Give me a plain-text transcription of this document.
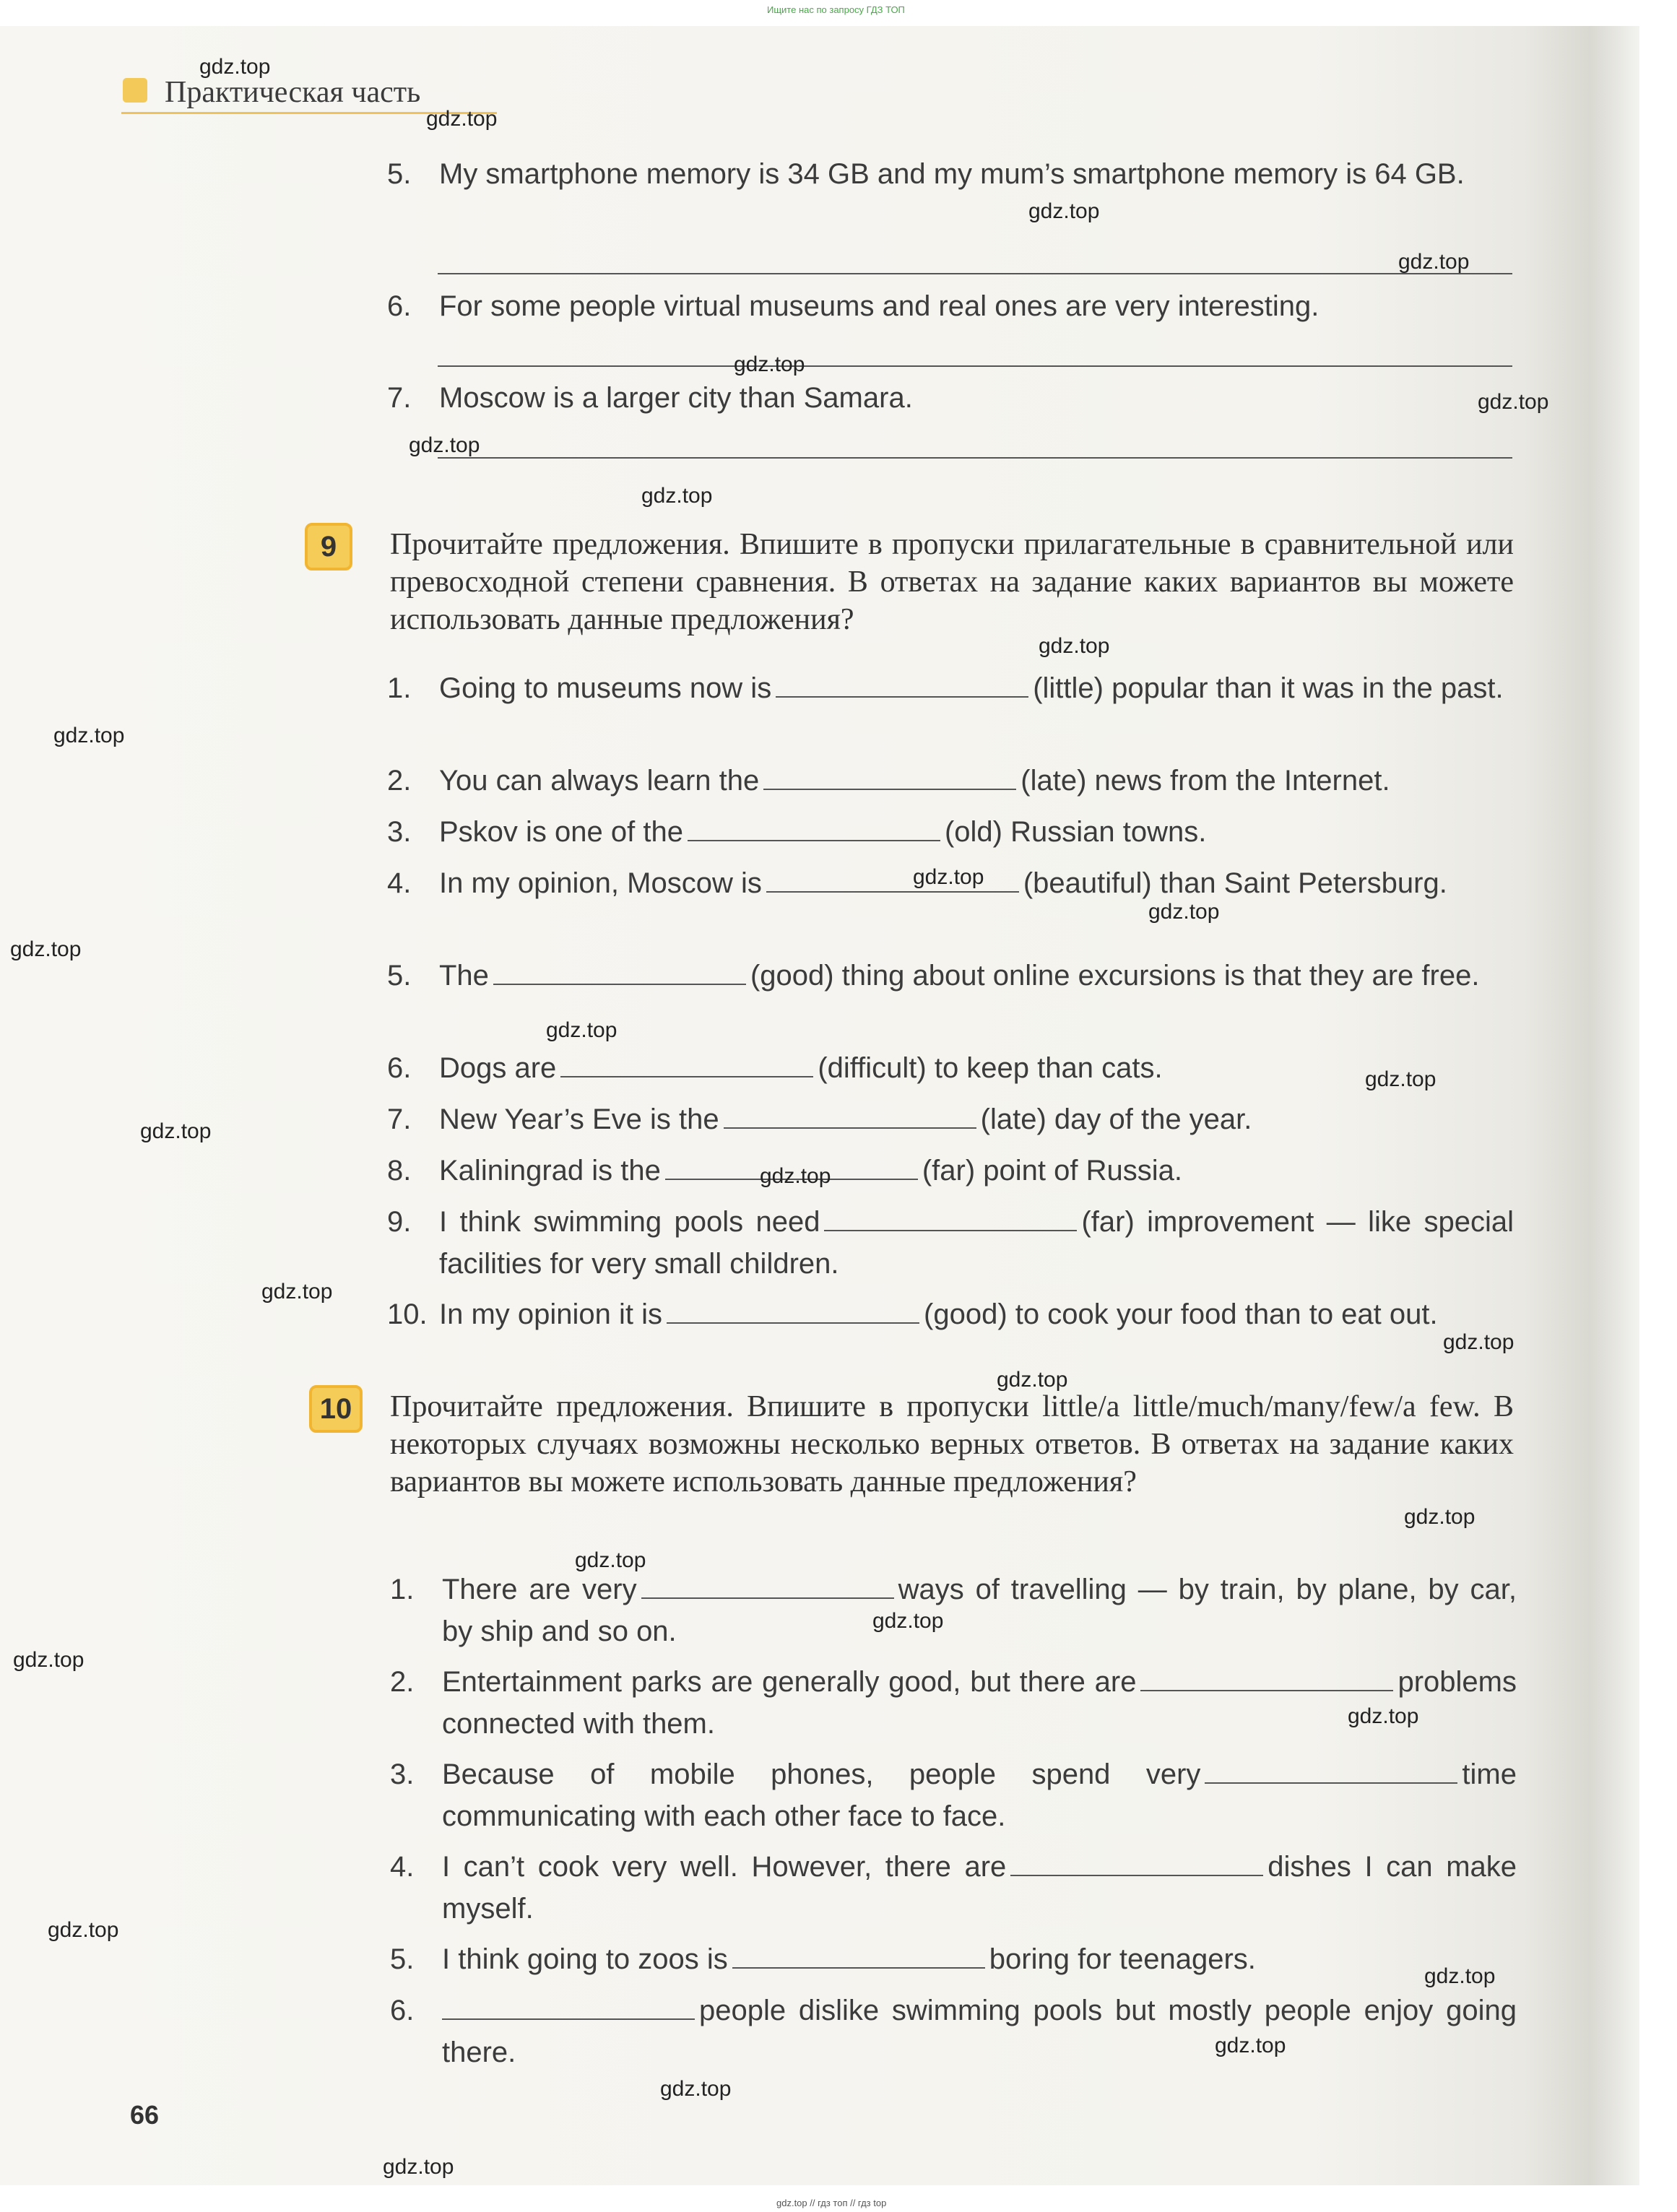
Ищите нас по запросу ГДЗ ТОП
Практическая часть
5. My smartphone memory is 34 GB and my mum’s smartphone memory is 64 GB.
6. For some people virtual museums and real ones are very interesting.
7. Moscow is a larger city than Samara.
9	Прочитайте предложения. Впишите в пропуски прилагательные в сравнительной или превосходной степени сравнения. В ответах на задание каких вариантов вы можете использовать данные предложения?
1. Going to museums now is	(little) popular than it was in the past.
2. You can always learn the	(late) news from the Internet.
3. Pskov is one of the	(old) Russian towns.
4. In my opinion, Moscow is	(beautiful) than Saint Petersburg.
5. The	(good) thing about online excursions is that they are free.
6. Dogs are	(difficult) to keep than cats.
7. New Year’s Eve is the	(late) day of the year.
8. Kaliningrad is the	(far) point of Russia.
9. I think swimming pools need	(far) improvement — like special facilities for very small children.
10. In my opinion it is	(good) to cook your food than to eat out.
10	Прочитайте предложения. Впишите в пропуски little/a little/much/many/few/a few. В некоторых случаях возможны несколько верных ответов. В ответах на задание каких вариантов вы можете использовать данные предложения?
1. There are very	ways of travelling — by train, by plane, by car, by ship and so on.
2. Entertainment parks are generally good, but there are	problems connected with them.
3. Because of mobile phones, people spend very	time communicating with each other face to face.
4. I can’t cook very well. However, there are	dishes I can make myself.
5. I think going to zoos is	boring for teenagers.
6.	people dislike swimming pools but mostly people enjoy going there.
66
gdz.top
gdz.top
gdz.top
gdz.top
gdz.top
gdz.top
gdz.top
gdz.top
gdz.top
gdz.top
gdz.top
gdz.top
gdz.top
gdz.top
gdz.top
gdz.top
gdz.top
gdz.top
gdz.top
gdz.top
gdz.top
gdz.top
gdz.top
gdz.top
gdz.top
gdz.top
gdz.top
gdz.top
gdz.top
gdz.top
gdz.top // гдз топ // гдз top
